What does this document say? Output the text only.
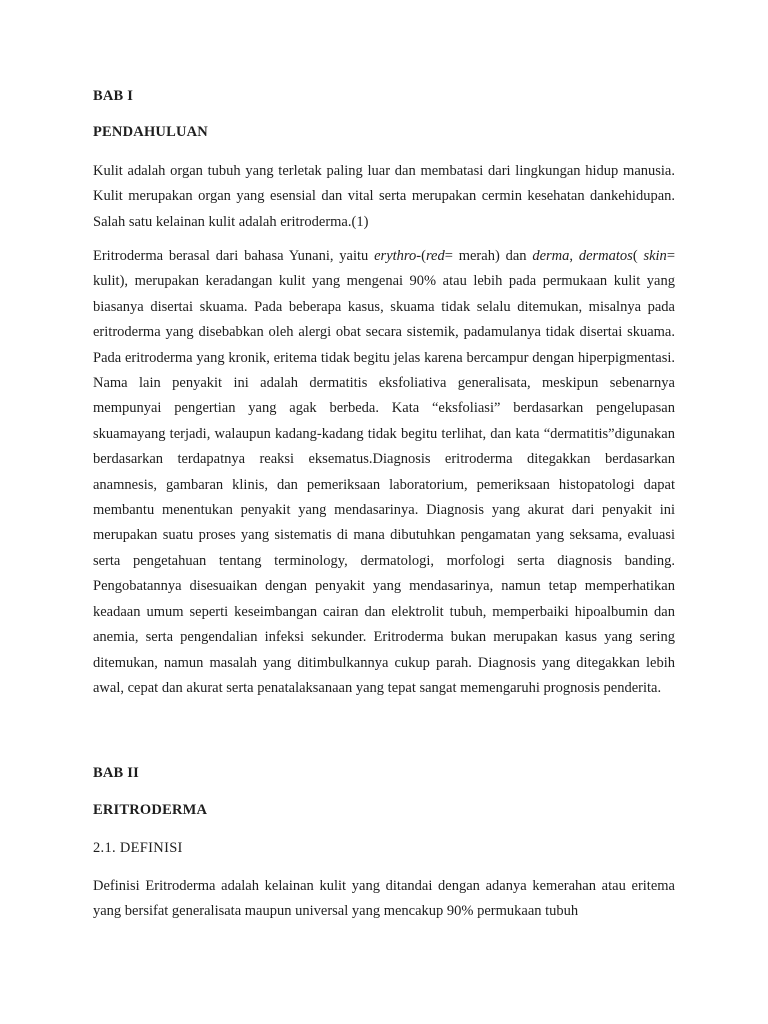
BAB I
PENDAHULUAN

Kulit adalah organ tubuh yang terletak paling luar dan membatasi dari lingkungan hidup manusia. Kulit merupakan organ yang esensial dan vital serta merupakan cermin kesehatan dankehidupan. Salah satu kelainan kulit adalah eritroderma.(1)

Eritroderma berasal dari bahasa Yunani, yaitu erythro-(red= merah) dan derma, dermatos( skin= kulit), merupakan keradangan kulit yang mengenai 90% atau lebih pada permukaan kulit yang biasanya disertai skuama. Pada beberapa kasus, skuama tidak selalu ditemukan, misalnya pada eritroderma yang disebabkan oleh alergi obat secara sistemik, padamulanya tidak disertai skuama. Pada eritroderma yang kronik, eritema tidak begitu jelas karena bercampur dengan hiperpigmentasi. Nama lain penyakit ini adalah dermatitis eksfoliativa generalisata, meskipun sebenarnya mempunyai pengertian yang agak berbeda. Kata “eksfoliasi” berdasarkan pengelupasan skuamayang terjadi, walaupun kadang-kadang tidak begitu terlihat, dan kata “dermatitis”digunakan berdasarkan terdapatnya reaksi eksematus.Diagnosis eritroderma ditegakkan berdasarkan anamnesis, gambaran klinis, dan pemeriksaan laboratorium, pemeriksaan histopatologi dapat membantu menentukan penyakit yang mendasarinya. Diagnosis yang akurat dari penyakit ini merupakan suatu proses yang sistematis di mana dibutuhkan pengamatan yang seksama, evaluasi serta pengetahuan tentang terminology, dermatologi, morfologi serta diagnosis banding. Pengobatannya disesuaikan dengan penyakit yang mendasarinya, namun tetap memperhatikan keadaan umum seperti keseimbangan cairan dan elektrolit tubuh, memperbaiki hipoalbumin dan anemia, serta pengendalian infeksi sekunder. Eritroderma bukan merupakan kasus yang sering ditemukan, namun masalah yang ditimbulkannya cukup parah. Diagnosis yang ditegakkan lebih awal, cepat dan akurat serta penatalaksanaan yang tepat sangat memengaruhi prognosis penderita.

BAB II
ERITRODERMA
2.1. DEFINISI

Definisi Eritroderma adalah kelainan kulit yang ditandai dengan adanya kemerahan atau eritema yang bersifat generalisata maupun universal yang mencakup 90% permukaan tubuh
